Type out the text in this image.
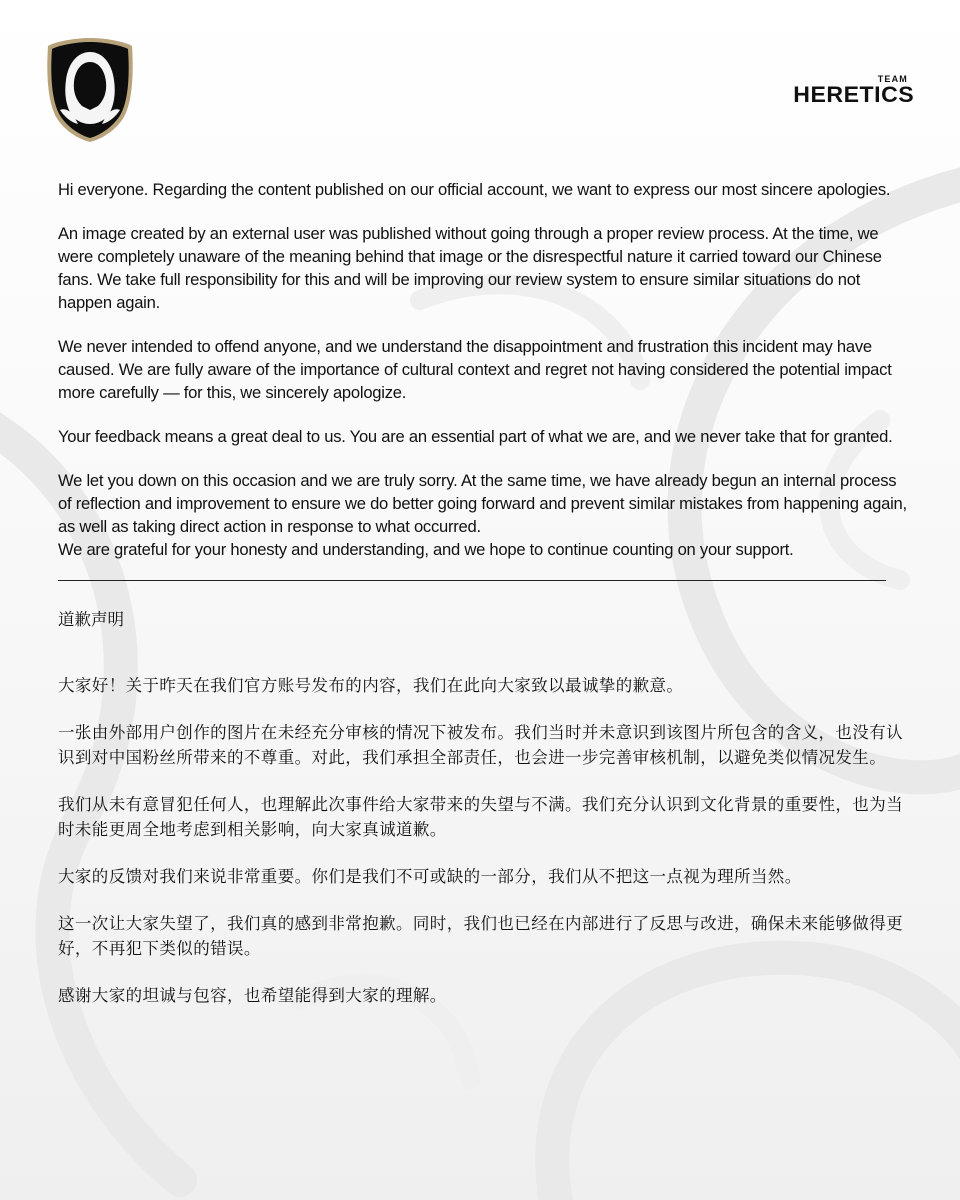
TEAM
HERETICS

Hi everyone. Regarding the content published on our official account, we want to express our most sincere apologies.

An image created by an external user was published without going through a proper review process. At the time, we were completely unaware of the meaning behind that image or the disrespectful nature it carried toward our Chinese fans. We take full responsibility for this and will be improving our review system to ensure similar situations do not happen again.

We never intended to offend anyone, and we understand the disappointment and frustration this incident may have caused. We are fully aware of the importance of cultural context and regret not having considered the potential impact more carefully — for this, we sincerely apologize.

Your feedback means a great deal to us. You are an essential part of what we are, and we never take that for granted.

We let you down on this occasion and we are truly sorry. At the same time, we have already begun an internal process of reflection and improvement to ensure we do better going forward and prevent similar mistakes from happening again, as well as taking direct action in response to what occurred.

We are grateful for your honesty and understanding, and we hope to continue counting on your support.

道歉声明

大家好！关于昨天在我们官方账号发布的内容，我们在此向大家致以最诚挚的歉意。

一张由外部用户创作的图片在未经充分审核的情况下被发布。我们当时并未意识到该图片所包含的含义，也没有认识到对中国粉丝所带来的不尊重。对此，我们承担全部责任，也会进一步完善审核机制，以避免类似情况发生。

我们从未有意冒犯任何人，也理解此次事件给大家带来的失望与不满。我们充分认识到文化背景的重要性，也为当时未能更周全地考虑到相关影响，向大家真诚道歉。

大家的反馈对我们来说非常重要。你们是我们不可或缺的一部分，我们从不把这一点视为理所当然。

这一次让大家失望了，我们真的感到非常抱歉。同时，我们也已经在内部进行了反思与改进，确保未来能够做得更好，不再犯下类似的错误。

感谢大家的坦诚与包容，也希望能得到大家的理解。
